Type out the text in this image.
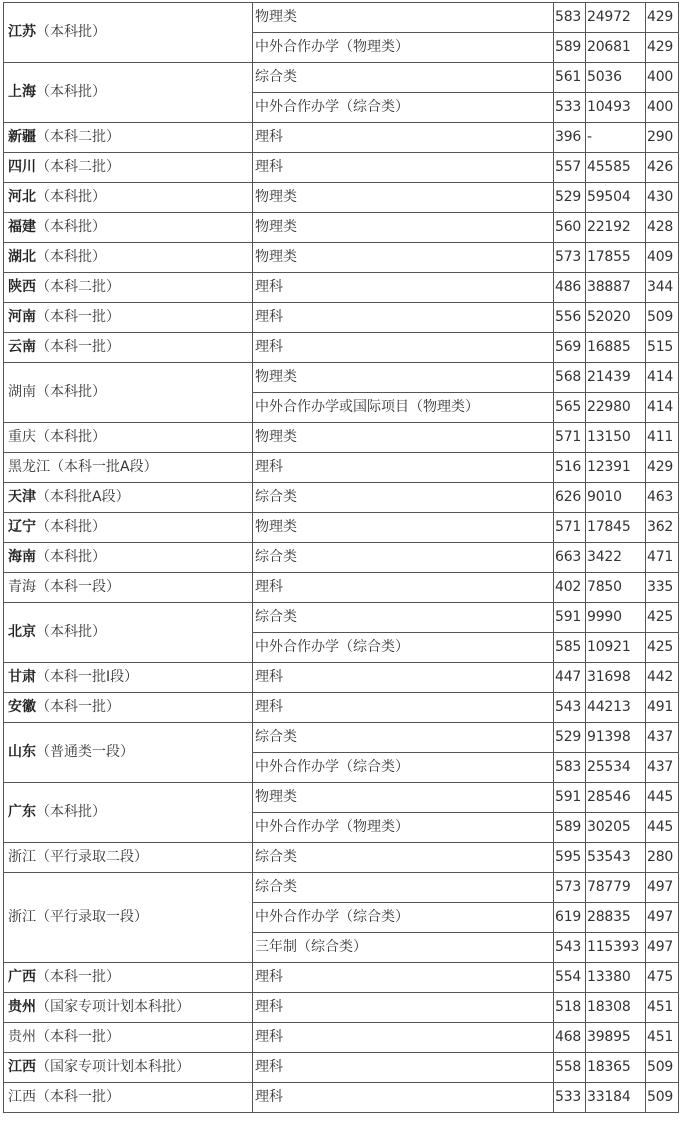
江苏（本科批）	物理类	583	24972	429
	中外合作办学（物理类）	589	20681	429
上海（本科批）	综合类	561	5036	400
	中外合作办学（综合类）	533	10493	400
新疆（本科二批）	理科	396	-	290
四川（本科二批）	理科	557	45585	426
河北（本科批）	物理类	529	59504	430
福建（本科批）	物理类	560	22192	428
湖北（本科批）	物理类	573	17855	409
陕西（本科二批）	理科	486	38887	344
河南（本科一批）	理科	556	52020	509
云南（本科一批）	理科	569	16885	515
湖南（本科批）	物理类	568	21439	414
	中外合作办学或国际项目（物理类）	565	22980	414
重庆（本科批）	物理类	571	13150	411
黑龙江（本科一批A段）	理科	516	12391	429
天津（本科批A段）	综合类	626	9010	463
辽宁（本科批）	物理类	571	17845	362
海南（本科批）	综合类	663	3422	471
青海（本科一段）	理科	402	7850	335
北京（本科批）	综合类	591	9990	425
	中外合作办学（综合类）	585	10921	425
甘肃（本科一批I段）	理科	447	31698	442
安徽（本科一批）	理科	543	44213	491
山东（普通类一段）	综合类	529	91398	437
	中外合作办学（综合类）	583	25534	437
广东（本科批）	物理类	591	28546	445
	中外合作办学（物理类）	589	30205	445
浙江（平行录取二段）	综合类	595	53543	280
浙江（平行录取一段）	综合类	573	78779	497
	中外合作办学（综合类）	619	28835	497
	三年制（综合类）	543	115393	497
广西（本科一批）	理科	554	13380	475
贵州（国家专项计划本科批）	理科	518	18308	451
贵州（本科一批）	理科	468	39895	451
江西（国家专项计划本科批）	理科	558	18365	509
江西（本科一批）	理科	533	33184	509
